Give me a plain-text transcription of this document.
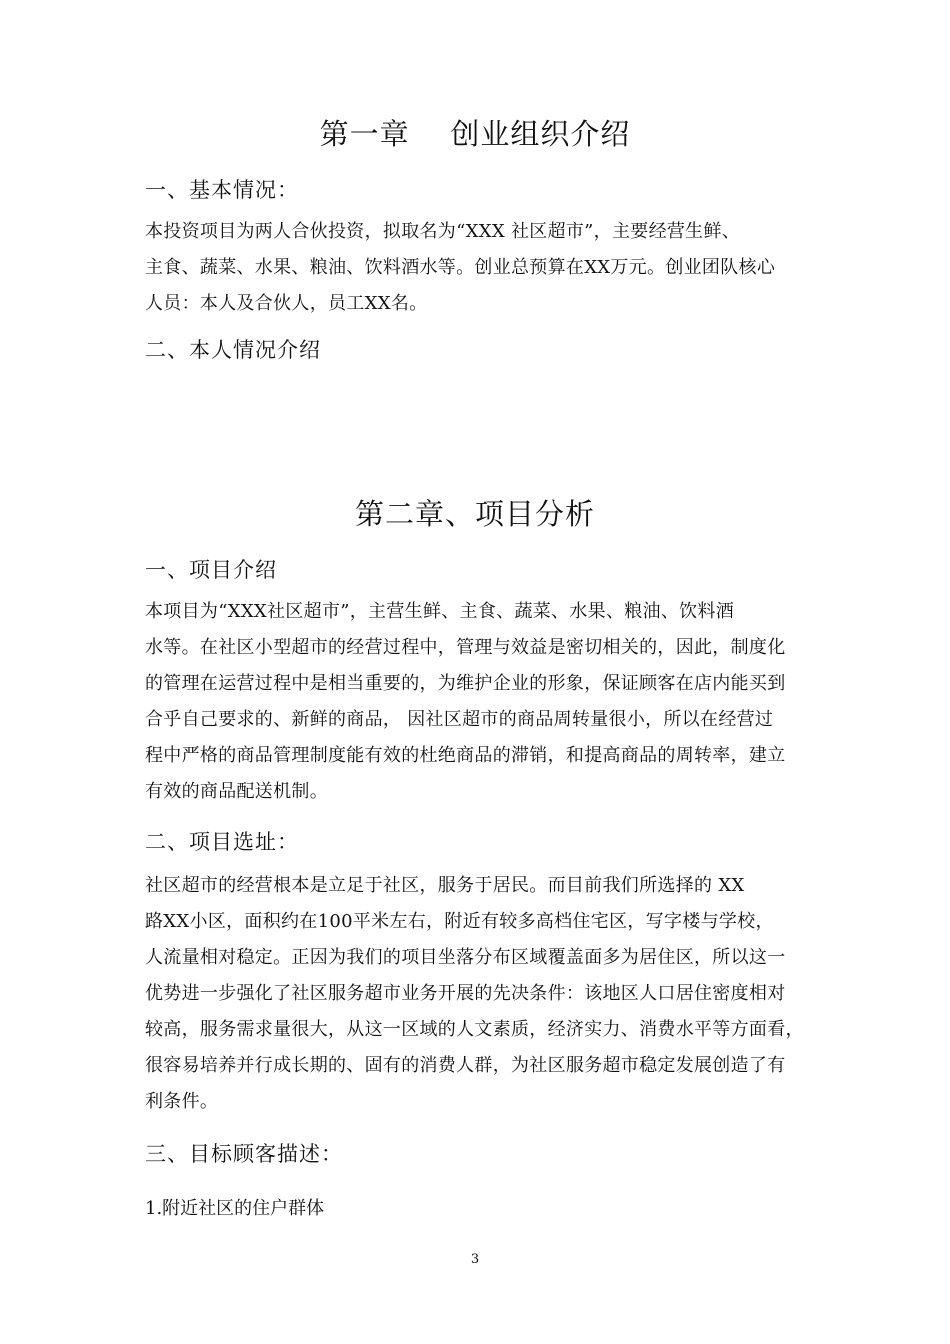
第一章    创业组织介绍
一、基本情况：
本投资项目为两人合伙投资，拟取名为“XXX 社区超市”，主要经营生鲜、
主食、蔬菜、水果、粮油、饮料酒水等。创业总预算在XX万元。创业团队核心
人员：本人及合伙人，员工XX名。
二、本人情况介绍
第二章、项目分析
一、项目介绍
本项目为“XXX社区超市”，主营生鲜、主食、蔬菜、水果、粮油、饮料酒
水等。在社区小型超市的经营过程中，管理与效益是密切相关的，因此，制度化
的管理在运营过程中是相当重要的，为维护企业的形象，保证顾客在店内能买到
合乎自己要求的、新鲜的商品， 因社区超市的商品周转量很小，所以在经营过
程中严格的商品管理制度能有效的杜绝商品的滞销，和提高商品的周转率，建立
有效的商品配送机制。
二、项目选址：
社区超市的经营根本是立足于社区，服务于居民。而目前我们所选择的 XX
路XX小区，面积约在100平米左右，附近有较多高档住宅区，写字楼与学校，
人流量相对稳定。正因为我们的项目坐落分布区域覆盖面多为居住区，所以这一
优势进一步强化了社区服务超市业务开展的先决条件：该地区人口居住密度相对
较高，服务需求量很大，从这一区域的人文素质，经济实力、消费水平等方面看，
很容易培养并行成长期的、固有的消费人群，为社区服务超市稳定发展创造了有
利条件。
三、目标顾客描述：
1.附近社区的住户群体
3
